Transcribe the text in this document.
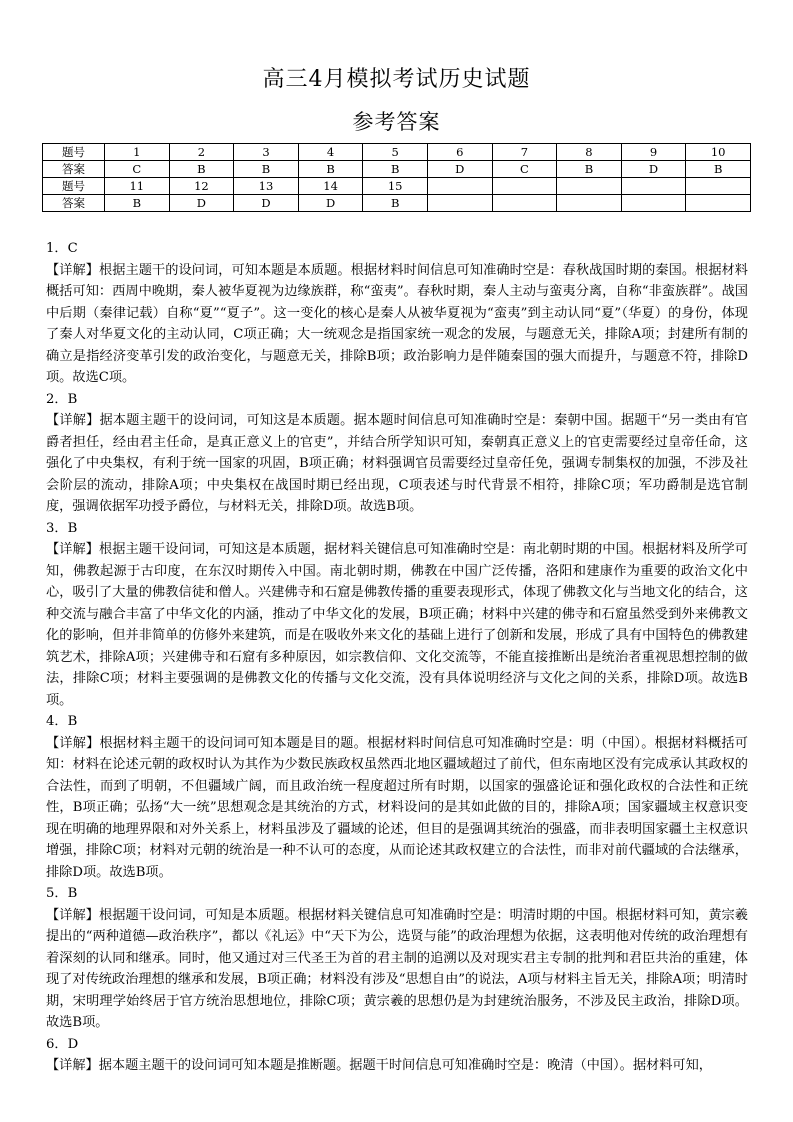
高三4月模拟考试历史试题
参考答案
题号	1	2	3	4	5	6	7	8	9	10
答案	C	B	B	B	B	D	C	B	D	B
题号	11	12	13	14	15					
答案	B	D	D	D	B					

1．C

【详解】根据主题干的设问词，可知本题是本质题。根据材料时间信息可知准确时空是：春秋战国时期的秦国。根据材料概括可知：西周中晚期，秦人被华夏视为边缘族群，称“蛮夷”。春秋时期，秦人主动与蛮夷分离，自称“非蛮族群”。战国中后期（秦律记载）自称“夏”“夏子”。这一变化的核心是秦人从被华夏视为“蛮夷”到主动认同“夏”（华夏）的身份，体现了秦人对华夏文化的主动认同，C项正确；大一统观念是指国家统一观念的发展，与题意无关，排除A项；封建所有制的确立是指经济变革引发的政治变化，与题意无关，排除B项；政治影响力是伴随秦国的强大而提升，与题意不符，排除D项。故选C项。

2．B

【详解】据本题主题干的设问词，可知这是本质题。据本题时间信息可知准确时空是：秦朝中国。据题干“另一类由有官爵者担任，经由君主任命，是真正意义上的官吏”，并结合所学知识可知，秦朝真正意义上的官吏需要经过皇帝任命，这强化了中央集权，有利于统一国家的巩固，B项正确；材料强调官员需要经过皇帝任免，强调专制集权的加强，不涉及社会阶层的流动，排除A项；中央集权在战国时期已经出现，C项表述与时代背景不相符，排除C项；军功爵制是选官制度，强调依据军功授予爵位，与材料无关，排除D项。故选B项。

3．B

【详解】根据主题干设问词，可知这是本质题，据材料关键信息可知准确时空是：南北朝时期的中国。根据材料及所学可知，佛教起源于古印度，在东汉时期传入中国。南北朝时期，佛教在中国广泛传播，洛阳和建康作为重要的政治文化中心，吸引了大量的佛教信徒和僧人。兴建佛寺和石窟是佛教传播的重要表现形式，体现了佛教文化与当地文化的结合，这种交流与融合丰富了中华文化的内涵，推动了中华文化的发展，B项正确；材料中兴建的佛寺和石窟虽然受到外来佛教文化的影响，但并非简单的仿修外来建筑，而是在吸收外来文化的基础上进行了创新和发展，形成了具有中国特色的佛教建筑艺术，排除A项；兴建佛寺和石窟有多种原因，如宗教信仰、文化交流等，不能直接推断出是统治者重视思想控制的做法，排除C项；材料主要强调的是佛教文化的传播与文化交流，没有具体说明经济与文化之间的关系，排除D项。故选B项。

4．B

【详解】根据材料主题干的设问词可知本题是目的题。根据材料时间信息可知准确时空是：明（中国）。根据材料概括可知：材料在论述元朝的政权时认为其作为少数民族政权虽然西北地区疆域超过了前代，但东南地区没有完成承认其政权的合法性，而到了明朝，不但疆域广阔，而且政治统一程度超过所有时期，以国家的强盛论证和强化政权的合法性和正统性，B项正确；弘扬“大一统”思想观念是其统治的方式，材料设问的是其如此做的目的，排除A项；国家疆域主权意识变现在明确的地理界限和对外关系上，材料虽涉及了疆域的论述，但目的是强调其统治的强盛，而非表明国家疆土主权意识增强，排除C项；材料对元朝的统治是一种不认可的态度，从而论述其政权建立的合法性，而非对前代疆域的合法继承，排除D项。故选B项。

5．B

【详解】根据题干设问词，可知是本质题。根据材料关键信息可知准确时空是：明清时期的中国。根据材料可知，黄宗羲提出的“两种道德—政治秩序”，都以《礼运》中“天下为公，选贤与能”的政治理想为依据，这表明他对传统的政治理想有着深刻的认同和继承。同时，他又通过对三代圣王为首的君主制的追溯以及对现实君主专制的批判和君臣共治的重建，体现了对传统政治理想的继承和发展，B项正确；材料没有涉及“思想自由”的说法，A项与材料主旨无关，排除A项；明清时期，宋明理学始终居于官方统治思想地位，排除C项；黄宗羲的思想仍是为封建统治服务，不涉及民主政治，排除D项。故选B项。

6．D

【详解】据本题主题干的设问词可知本题是推断题。据题干时间信息可知准确时空是：晚清（中国）。据材料可知，
